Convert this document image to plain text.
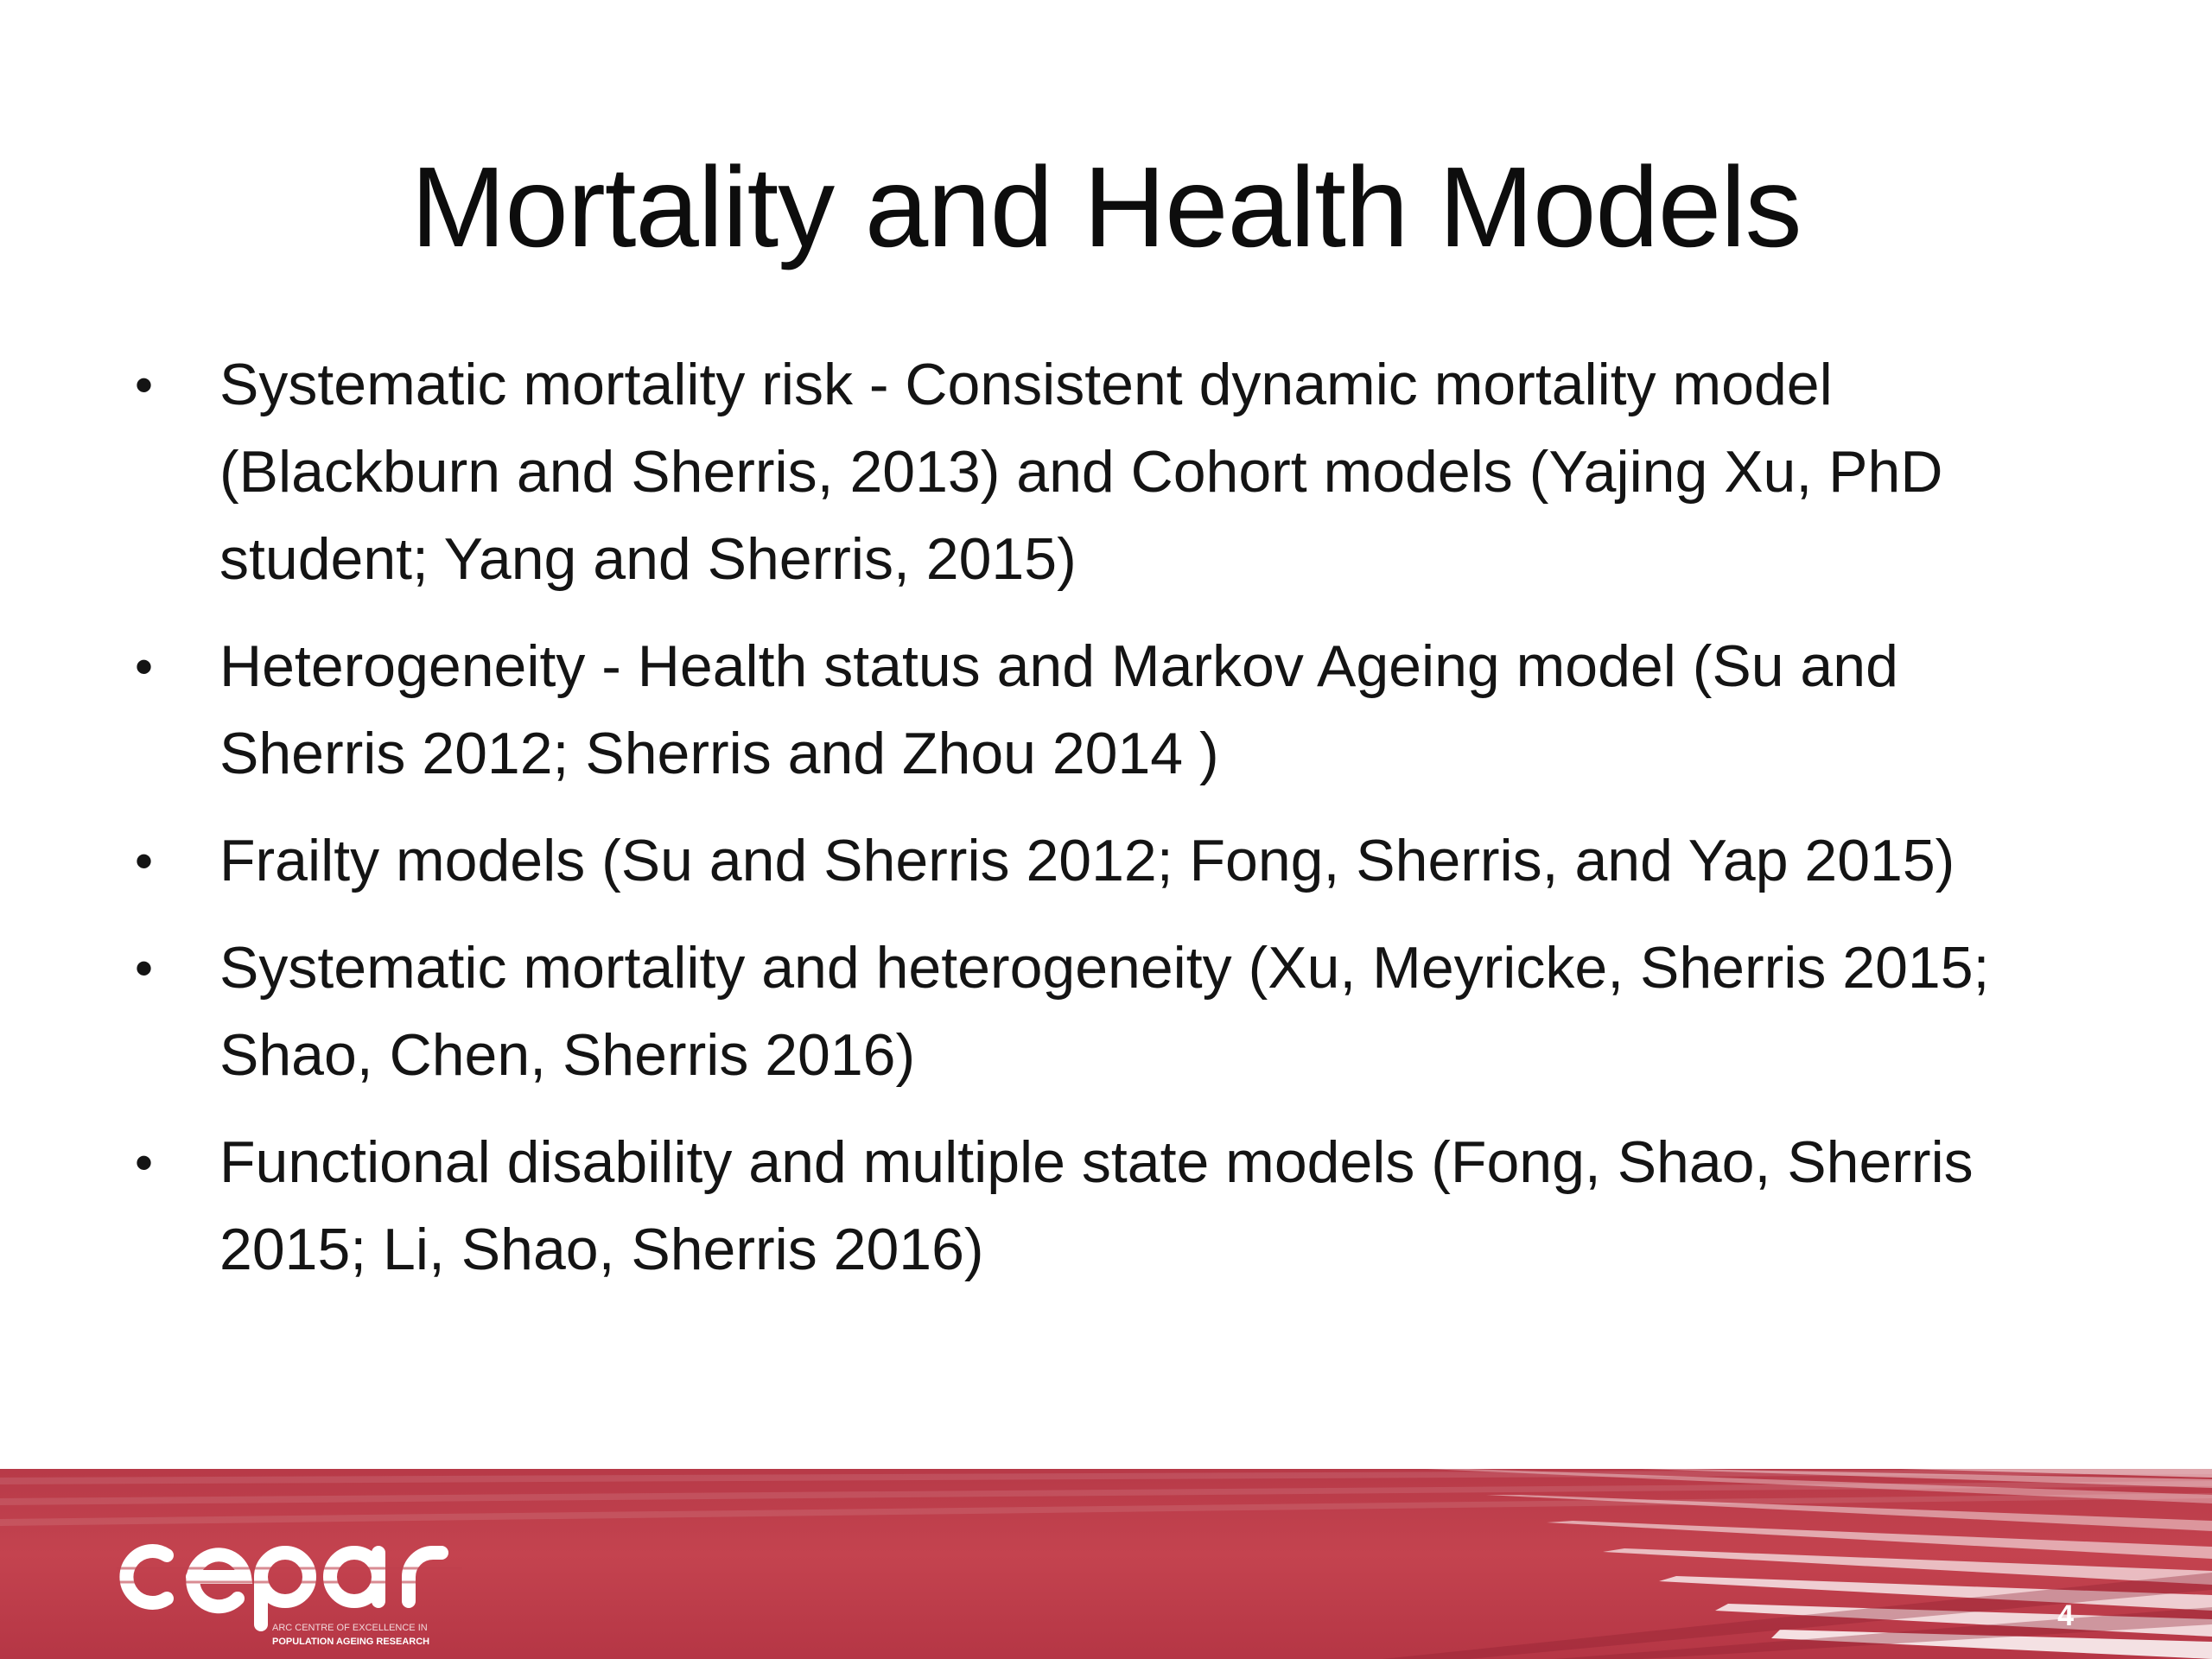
Mortality and Health Models
• Systematic mortality risk - Consistent dynamic mortality model (Blackburn and Sherris, 2013) and Cohort models (Yajing Xu, PhD student; Yang and Sherris, 2015)
• Heterogeneity - Health status and Markov Ageing model (Su and Sherris 2012; Sherris and Zhou 2014 )
• Frailty models (Su and Sherris 2012; Fong, Sherris, and Yap 2015)
• Systematic mortality and heterogeneity (Xu, Meyricke, Sherris 2015; Shao, Chen, Sherris 2016)
• Functional disability and multiple state models (Fong, Shao, Sherris 2015; Li, Shao, Sherris 2016)
ARC CENTRE OF EXCELLENCE IN
POPULATION AGEING RESEARCH
4
